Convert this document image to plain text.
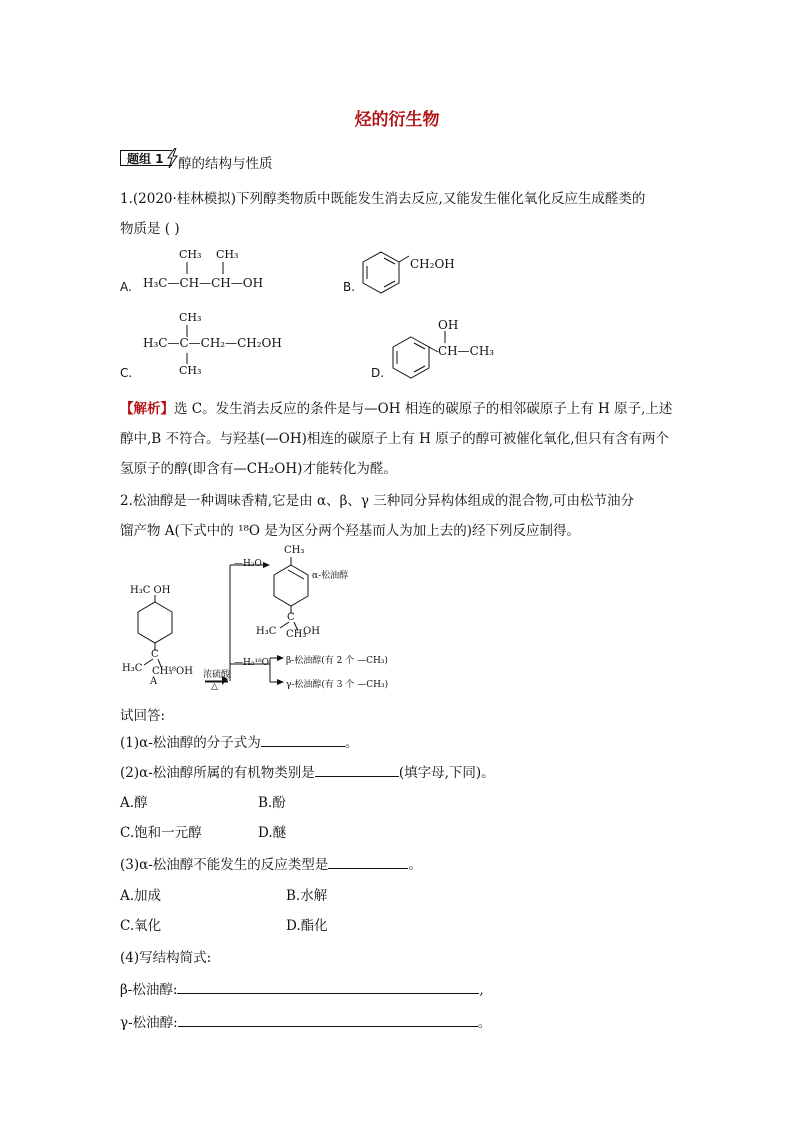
烃的衍生物
题组 1	醇的结构与性质
1.(2020·桂林模拟)下列醇类物质中既能发生消去反应,又能发生催化氧化反应生成醛类的
物质是 ( )
A.
CH₃ CH₃
H₃C—CH—CH—OH	B.
CH₂OH
C.
CH₃
H₃C—C—CH₂—CH₂OH
CH₃	D.
OH
CH—CH₃
【解析】选 C。发生消去反应的条件是与—OH 相连的碳原子的相邻碳原子上有 H 原子,上述
醇中,B 不符合。与羟基(—OH)相连的碳原子上有 H 原子的醇可被催化氧化,但只有含有两个
氢原子的醇(即含有—CH₂OH)才能转化为醛。
2.松油醇是一种调味香精,它是由 α、β、γ 三种同分异构体组成的混合物,可由松节油分
馏产物 A(下式中的 ¹⁸O 是为区分两个羟基而人为加上去的)经下列反应制得。
H₃C OH
C
H₃C CH₃
¹⁸OH
A
浓硫酸
△
—H₂O
CH₃
α-松油醇
C
H₃C CH₃
OH
—H₂¹⁸O β-松油醇(有 2 个 —CH₃)
γ-松油醇(有 3 个 —CH₃)
试回答:
(1)α-松油醇的分子式为	。
(2)α-松油醇所属的有机物类别是	(填字母,下同)。
A.醇	B.酚
C.饱和一元醇	D.醚
(3)α-松油醇不能发生的反应类型是	。
A.加成	B.水解
C.氧化	D.酯化
(4)写结构简式:
β-松油醇:	,
γ-松油醇:	。
